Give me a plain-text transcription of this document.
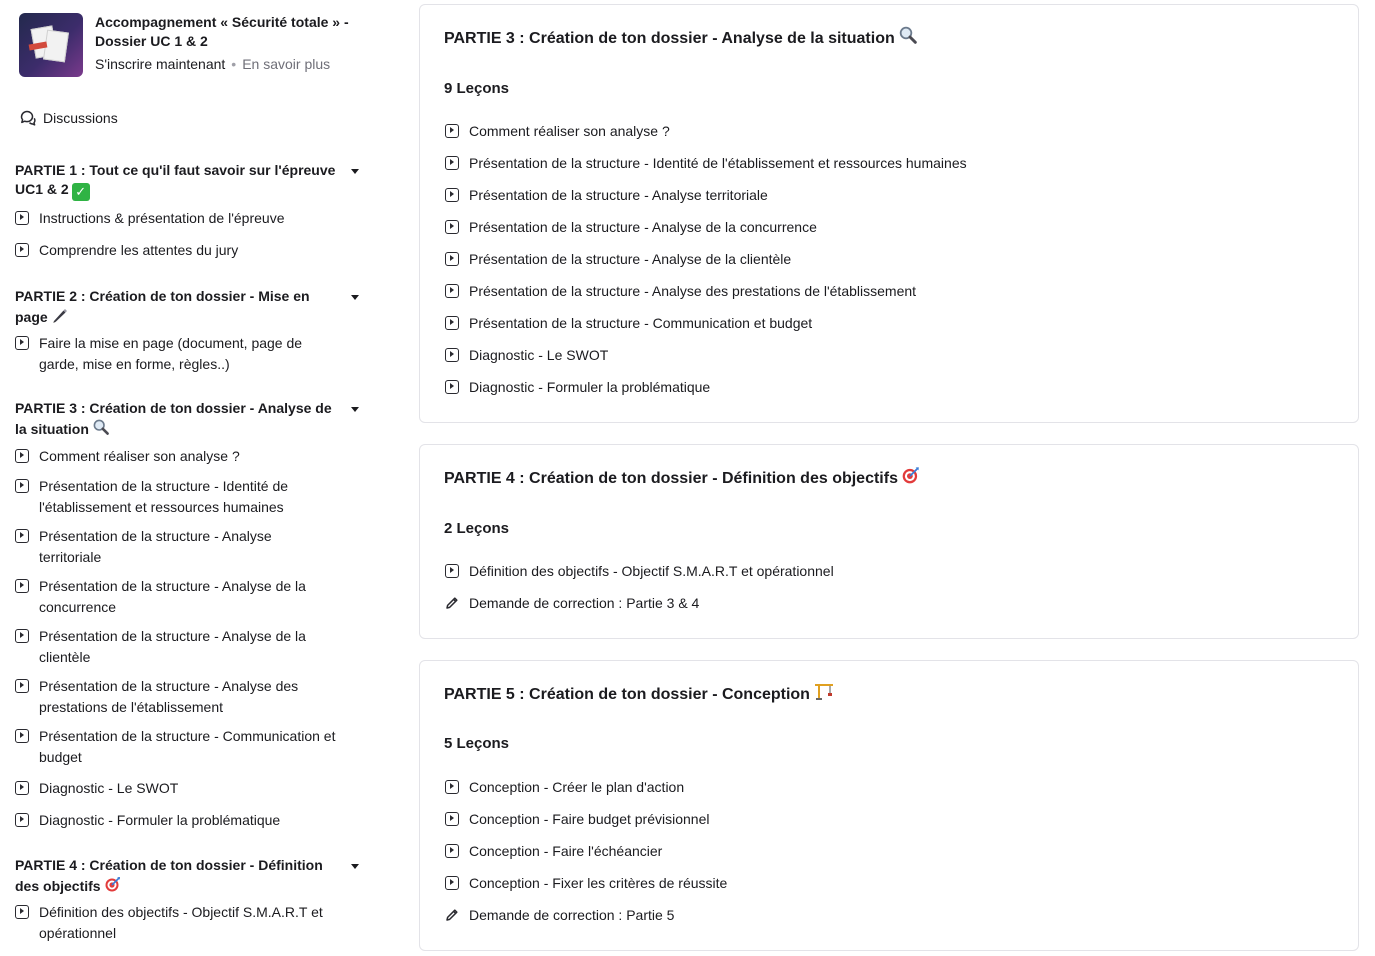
Accompagnement « Sécurité totale » - Dossier UC 1 & 2
S'inscrire maintenant • En savoir plus
Discussions
PARTIE 1 : Tout ce qu'il faut savoir sur l'épreuve UC1 & 2 ✓
Instructions & présentation de l'épreuve
Comprendre les attentes du jury
PARTIE 2 : Création de ton dossier - Mise en page
Faire la mise en page (document, page de garde, mise en forme, règles..)
PARTIE 3 : Création de ton dossier - Analyse de la situation
Comment réaliser son analyse ?
Présentation de la structure - Identité de l'établissement et ressources humaines
Présentation de la structure - Analyse territoriale
Présentation de la structure - Analyse de la concurrence
Présentation de la structure - Analyse de la clientèle
Présentation de la structure - Analyse des prestations de l'établissement
Présentation de la structure - Communication et budget
Diagnostic - Le SWOT
Diagnostic - Formuler la problématique
PARTIE 4 : Création de ton dossier - Définition des objectifs
Définition des objectifs - Objectif S.M.A.R.T et opérationnel
PARTIE 3 : Création de ton dossier - Analyse de la situation
9 Leçons
Comment réaliser son analyse ?
Présentation de la structure - Identité de l'établissement et ressources humaines
Présentation de la structure - Analyse territoriale
Présentation de la structure - Analyse de la concurrence
Présentation de la structure - Analyse de la clientèle
Présentation de la structure - Analyse des prestations de l'établissement
Présentation de la structure - Communication et budget
Diagnostic - Le SWOT
Diagnostic - Formuler la problématique
PARTIE 4 : Création de ton dossier - Définition des objectifs
2 Leçons
Définition des objectifs - Objectif S.M.A.R.T et opérationnel
Demande de correction : Partie 3 & 4
PARTIE 5 : Création de ton dossier - Conception
5 Leçons
Conception - Créer le plan d'action
Conception - Faire budget prévisionnel
Conception - Faire l'échéancier
Conception - Fixer les critères de réussite
Demande de correction : Partie 5
